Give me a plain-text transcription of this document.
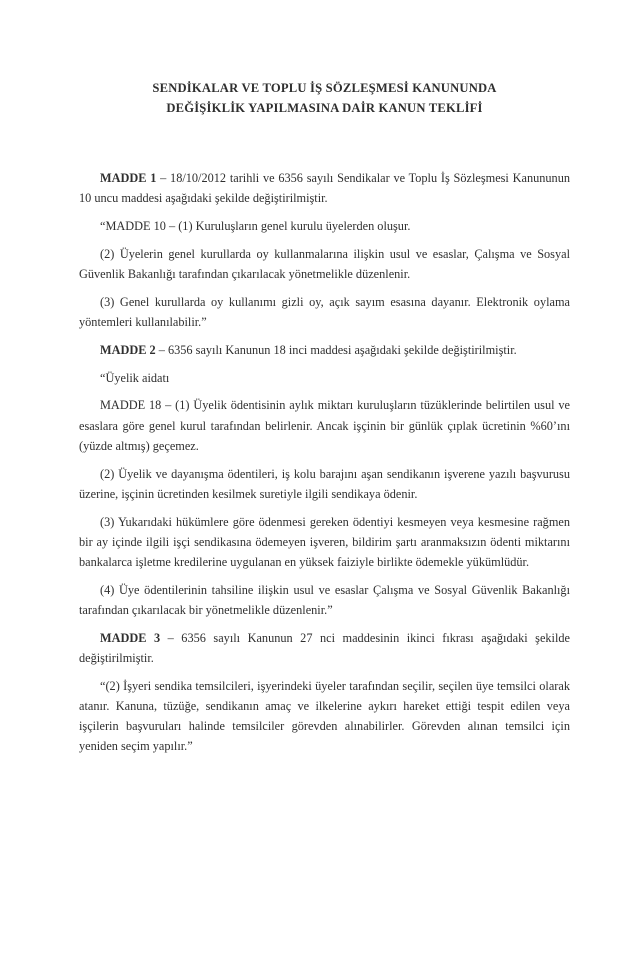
SENDİKALAR VE TOPLU İŞ SÖZLEŞMESİ KANUNUNDA
DEĞİŞİKLİK YAPILMASINA DAİR KANUN TEKLİFİ

MADDE 1 – 18/10/2012 tarihli ve 6356 sayılı Sendikalar ve Toplu İş Sözleşmesi Kanununun 10 uncu maddesi aşağıdaki şekilde değiştirilmiştir.

“MADDE 10 – (1) Kuruluşların genel kurulu üyelerden oluşur.

(2) Üyelerin genel kurullarda oy kullanmalarına ilişkin usul ve esaslar, Çalışma ve Sosyal Güvenlik Bakanlığı tarafından çıkarılacak yönetmelikle düzenlenir.

(3) Genel kurullarda oy kullanımı gizli oy, açık sayım esasına dayanır. Elektronik oylama yöntemleri kullanılabilir.”

MADDE 2 – 6356 sayılı Kanunun 18 inci maddesi aşağıdaki şekilde değiştirilmiştir.

“Üyelik aidatı

MADDE 18 – (1) Üyelik ödentisinin aylık miktarı kuruluşların tüzüklerinde belirtilen usul ve esaslara göre genel kurul tarafından belirlenir. Ancak işçinin bir günlük çıplak ücretinin %60’ını (yüzde altmış) geçemez.

(2) Üyelik ve dayanışma ödentileri, iş kolu barajını aşan sendikanın işverene yazılı başvurusu üzerine, işçinin ücretinden kesilmek suretiyle ilgili sendikaya ödenir.

(3) Yukarıdaki hükümlere göre ödenmesi gereken ödentiyi kesmeyen veya kesmesine rağmen bir ay içinde ilgili işçi sendikasına ödemeyen işveren, bildirim şartı aranmaksızın ödenti miktarını bankalarca işletme kredilerine uygulanan en yüksek faiziyle birlikte ödemekle yükümlüdür.

(4) Üye ödentilerinin tahsiline ilişkin usul ve esaslar Çalışma ve Sosyal Güvenlik Bakanlığı tarafından çıkarılacak bir yönetmelikle düzenlenir.”

MADDE 3 – 6356 sayılı Kanunun 27 nci maddesinin ikinci fıkrası aşağıdaki şekilde değiştirilmiştir.

“(2) İşyeri sendika temsilcileri, işyerindeki üyeler tarafından seçilir, seçilen üye temsilci olarak atanır. Kanuna, tüzüğe, sendikanın amaç ve ilkelerine aykırı hareket ettiği tespit edilen veya işçilerin başvuruları halinde temsilciler görevden alınabilirler. Görevden alınan temsilci için yeniden seçim yapılır.”
